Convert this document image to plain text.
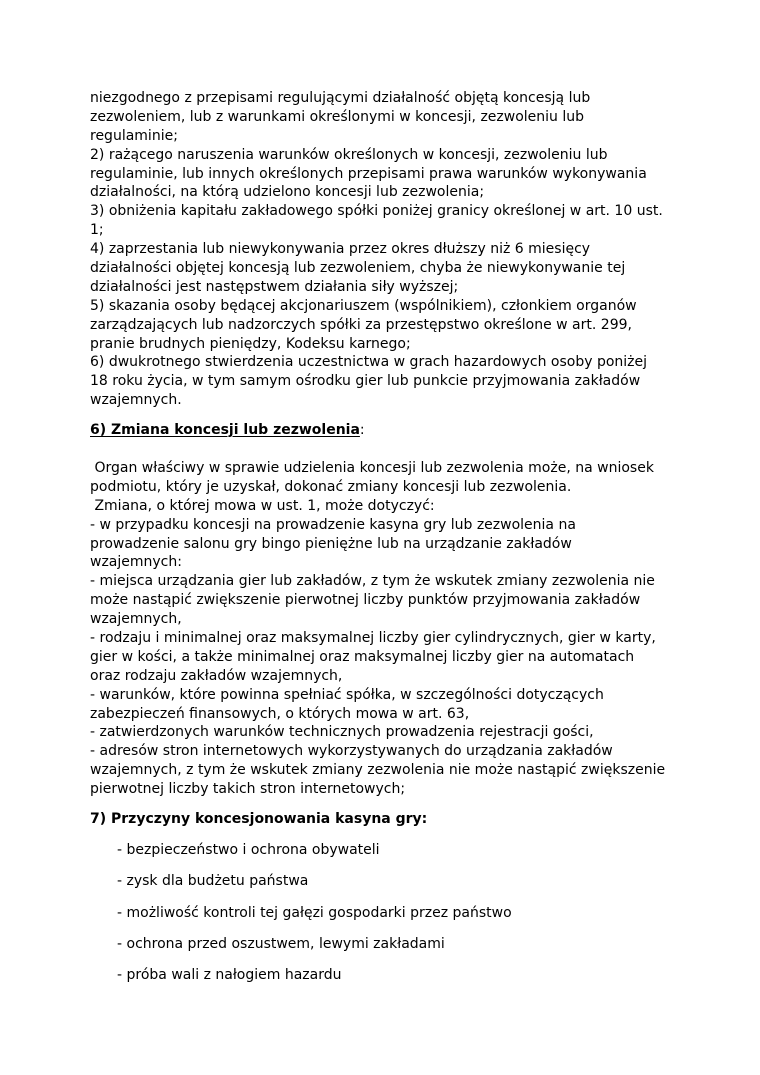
niezgodnego z przepisami regulującymi działalność objętą koncesją lub
zezwoleniem, lub z warunkami określonymi w koncesji, zezwoleniu lub
regulaminie;
2) rażącego naruszenia warunków określonych w koncesji, zezwoleniu lub
regulaminie, lub innych określonych przepisami prawa warunków wykonywania
działalności, na którą udzielono koncesji lub zezwolenia;
3) obniżenia kapitału zakładowego spółki poniżej granicy określonej w art. 10 ust.
1;
4) zaprzestania lub niewykonywania przez okres dłuższy niż 6 miesięcy
działalności objętej koncesją lub zezwoleniem, chyba że niewykonywanie tej
działalności jest następstwem działania siły wyższej;
5) skazania osoby będącej akcjonariuszem (wspólnikiem), członkiem organów
zarządzających lub nadzorczych spółki za przestępstwo określone w art. 299,
pranie brudnych pieniędzy, Kodeksu karnego;
6) dwukrotnego stwierdzenia uczestnictwa w grach hazardowych osoby poniżej
18 roku życia, w tym samym ośrodku gier lub punkcie przyjmowania zakładów
wzajemnych.
6) Zmiana koncesji lub zezwolenia:
Organ właściwy w sprawie udzielenia koncesji lub zezwolenia może, na wniosek
podmiotu, który je uzyskał, dokonać zmiany koncesji lub zezwolenia.
Zmiana, o której mowa w ust. 1, może dotyczyć:
- w przypadku koncesji na prowadzenie kasyna gry lub zezwolenia na
prowadzenie salonu gry bingo pieniężne lub na urządzanie zakładów
wzajemnych:
- miejsca urządzania gier lub zakładów, z tym że wskutek zmiany zezwolenia nie
może nastąpić zwiększenie pierwotnej liczby punktów przyjmowania zakładów
wzajemnych,
- rodzaju i minimalnej oraz maksymalnej liczby gier cylindrycznych, gier w karty,
gier w kości, a także minimalnej oraz maksymalnej liczby gier na automatach
oraz rodzaju zakładów wzajemnych,
- warunków, które powinna spełniać spółka, w szczególności dotyczących
zabezpieczeń finansowych, o których mowa w art. 63,
- zatwierdzonych warunków technicznych prowadzenia rejestracji gości,
- adresów stron internetowych wykorzystywanych do urządzania zakładów
wzajemnych, z tym że wskutek zmiany zezwolenia nie może nastąpić zwiększenie
pierwotnej liczby takich stron internetowych;
7) Przyczyny koncesjonowania kasyna gry:
- bezpieczeństwo i ochrona obywateli
- zysk dla budżetu państwa
- możliwość kontroli tej gałęzi gospodarki przez państwo
- ochrona przed oszustwem, lewymi zakładami
- próba wali z nałogiem hazardu
